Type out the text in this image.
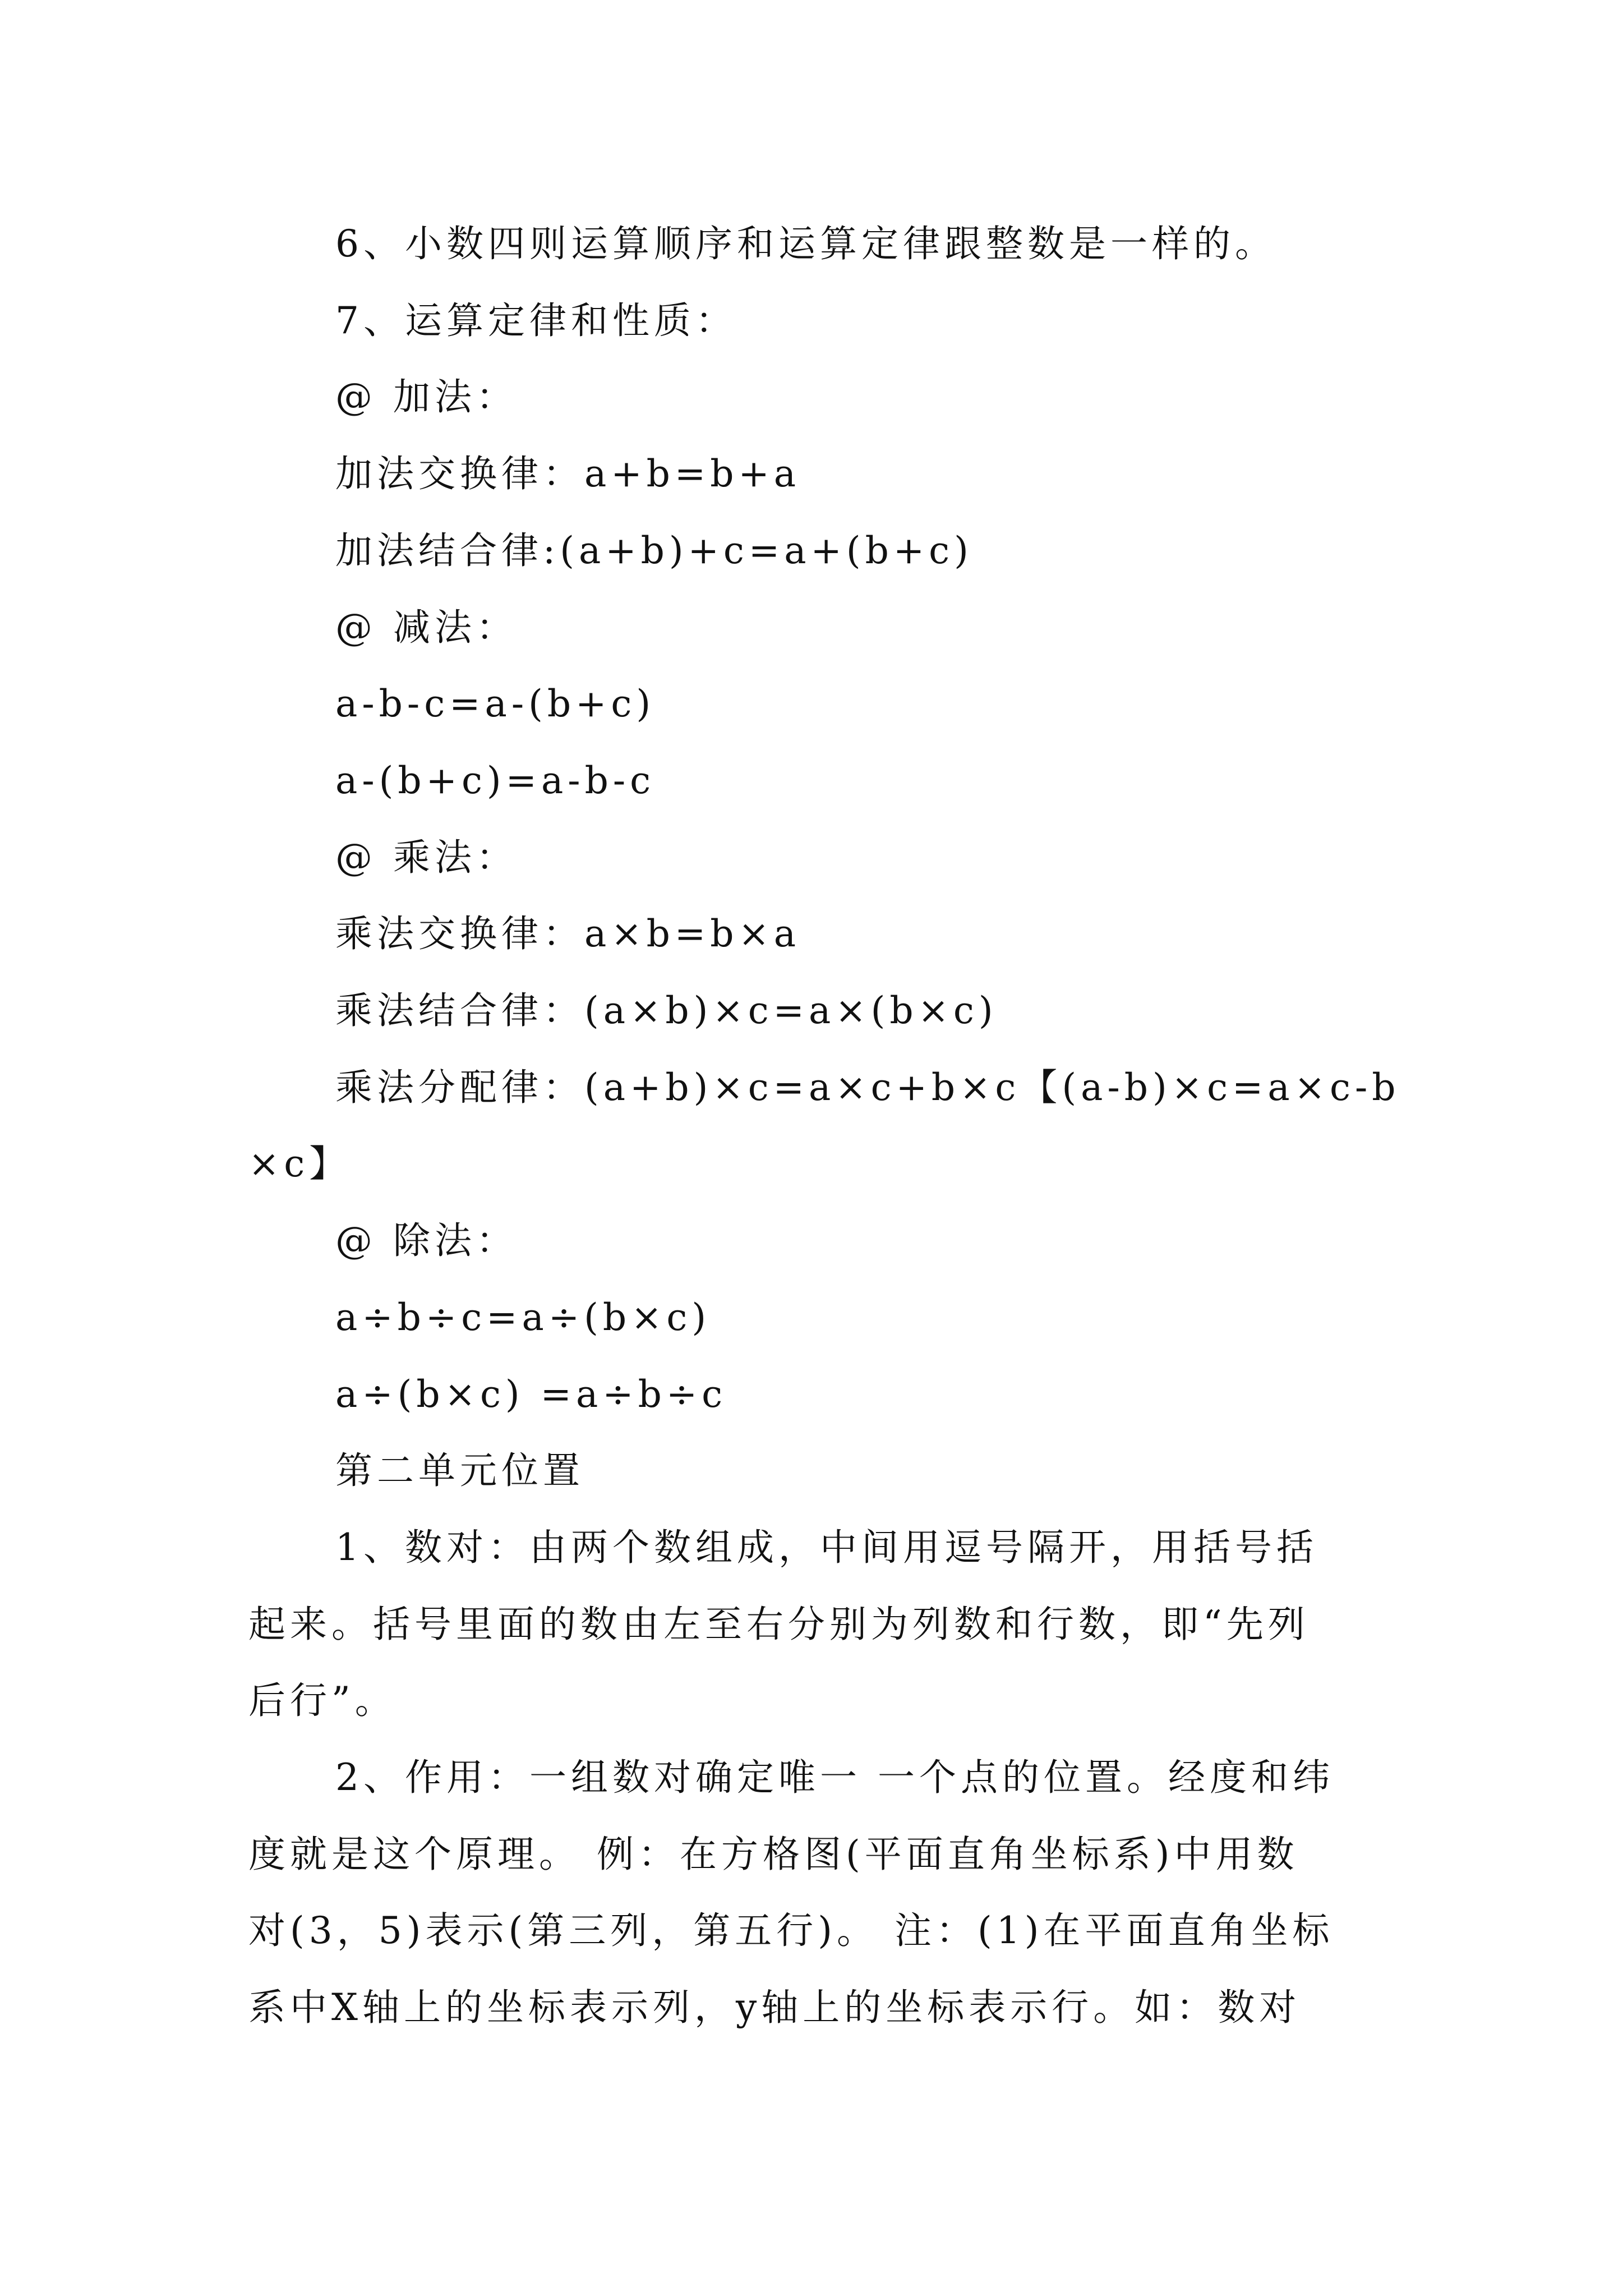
6、小数四则运算顺序和运算定律跟整数是一样的。
7、运算定律和性质：
@ 加法：
加法交换律：a+b=b+a
加法结合律:(a+b)+c=a+(b+c)
@ 减法：
a-b-c=a-(b+c)
a-(b+c)=a-b-c
@ 乘法：
乘法交换律：a×b=b×a
乘法结合律：(a×b)×c=a×(b×c)
乘法分配律：(a+b)×c=a×c+b×c【(a-b)×c=a×c-b
×c】
@ 除法：
a÷b÷c=a÷(b×c)
a÷(b×c) =a÷b÷c
第二单元位置
1、数对：由两个数组成，中间用逗号隔开，用括号括
起来。括号里面的数由左至右分别为列数和行数，即“先列
后行”。
2、作用：一组数对确定唯一 一个点的位置。经度和纬
度就是这个原理。 例：在方格图(平面直角坐标系)中用数
对(3，5)表示(第三列，第五行)。 注：(1)在平面直角坐标
系中X轴上的坐标表示列，y轴上的坐标表示行。如：数对
